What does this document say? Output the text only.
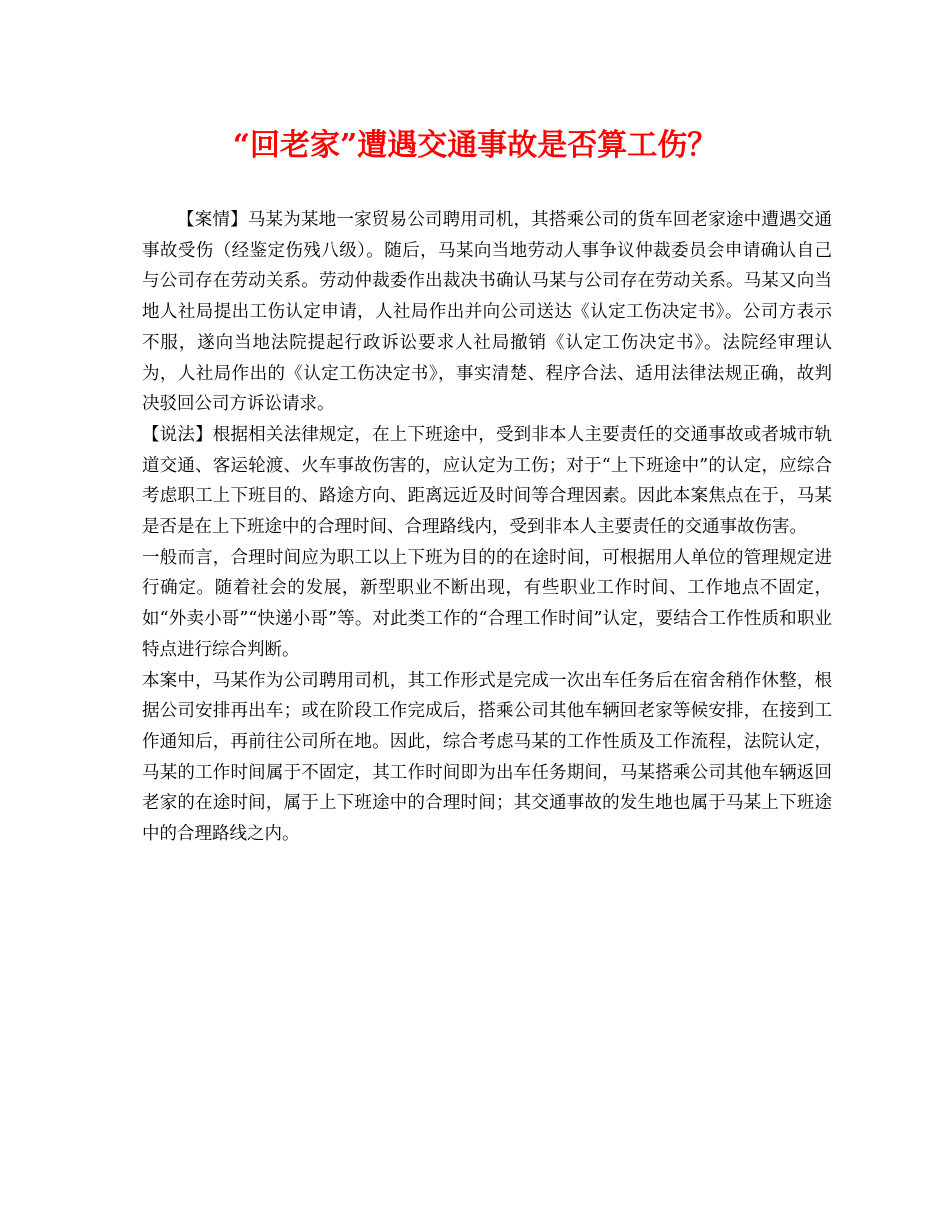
“回老家”遭遇交通事故是否算工伤？

【案情】马某为某地一家贸易公司聘用司机，其搭乘公司的货车回老家途中遭遇交通事故受伤（经鉴定伤残八级）。随后，马某向当地劳动人事争议仲裁委员会申请确认自己与公司存在劳动关系。劳动仲裁委作出裁决书确认马某与公司存在劳动关系。马某又向当地人社局提出工伤认定申请，人社局作出并向公司送达《认定工伤决定书》。公司方表示不服，遂向当地法院提起行政诉讼要求人社局撤销《认定工伤决定书》。法院经审理认为，人社局作出的《认定工伤决定书》，事实清楚、程序合法、适用法律法规正确，故判决驳回公司方诉讼请求。

【说法】根据相关法律规定，在上下班途中，受到非本人主要责任的交通事故或者城市轨道交通、客运轮渡、火车事故伤害的，应认定为工伤；对于“上下班途中”的认定，应综合考虑职工上下班目的、路途方向、距离远近及时间等合理因素。因此本案焦点在于，马某是否是在上下班途中的合理时间、合理路线内，受到非本人主要责任的交通事故伤害。

一般而言，合理时间应为职工以上下班为目的的在途时间，可根据用人单位的管理规定进行确定。随着社会的发展，新型职业不断出现，有些职业工作时间、工作地点不固定，如“外卖小哥”“快递小哥”等。对此类工作的“合理工作时间”认定，要结合工作性质和职业特点进行综合判断。

本案中，马某作为公司聘用司机，其工作形式是完成一次出车任务后在宿舍稍作休整，根据公司安排再出车；或在阶段工作完成后，搭乘公司其他车辆回老家等候安排，在接到工作通知后，再前往公司所在地。因此，综合考虑马某的工作性质及工作流程，法院认定，马某的工作时间属于不固定，其工作时间即为出车任务期间，马某搭乘公司其他车辆返回老家的在途时间，属于上下班途中的合理时间；其交通事故的发生地也属于马某上下班途中的合理路线之内。
